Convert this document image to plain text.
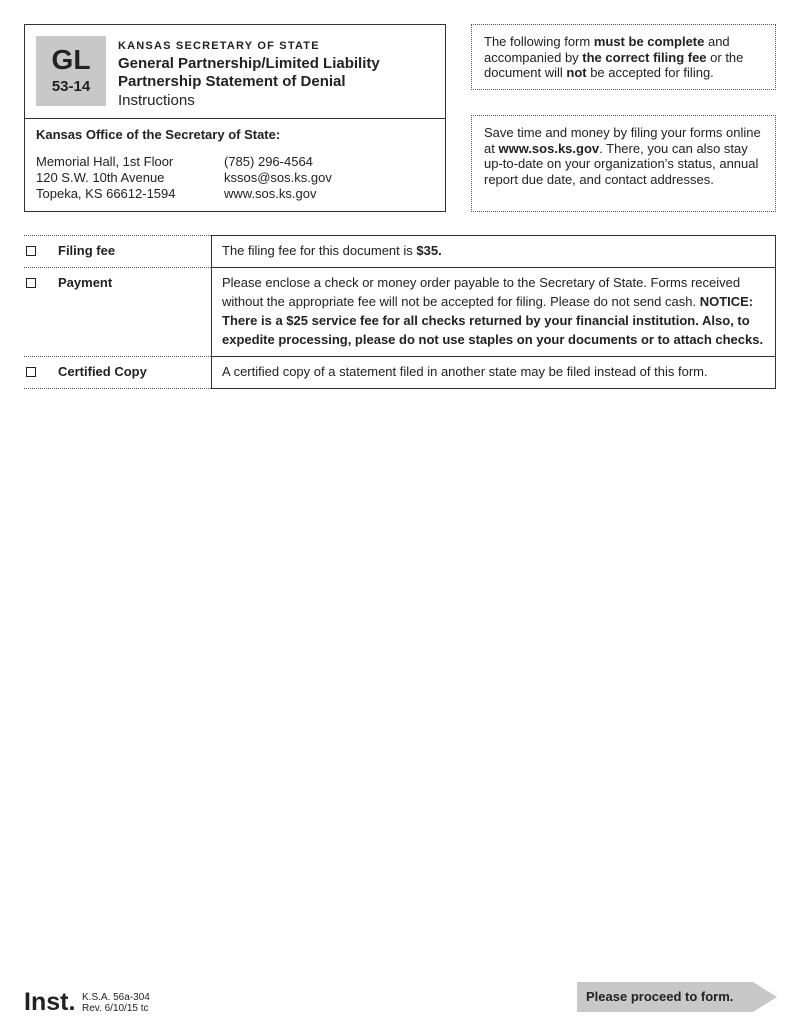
GL
53-14
KANSAS SECRETARY OF STATE
General Partnership/Limited Liability
Partnership Statement of Denial
Instructions
Kansas Office of the Secretary of State:
Memorial Hall, 1st Floor
120 S.W. 10th Avenue
Topeka, KS 66612-1594
(785) 296-4564
kssos@sos.ks.gov
www.sos.ks.gov
The following form must be complete and accompanied by the correct filing fee or the document will not be accepted for filing.
Save time and money by filing your forms online at www.sos.ks.gov. There, you can also stay up-to-date on your organization’s status, annual report due date, and contact addresses.
Filing fee	The filing fee for this document is $35.
Payment	Please enclose a check or money order payable to the Secretary of State. Forms received without the appropriate fee will not be accepted for filing. Please do not send cash. NOTICE: There is a $25 service fee for all checks returned by your financial institution. Also, to expedite processing, please do not use staples on your documents or to attach checks.
Certified Copy	A certified copy of a statement filed in another state may be filed instead of this form.
Inst. K.S.A. 56a-304
Rev. 6/10/15 tc
Please proceed to form.
